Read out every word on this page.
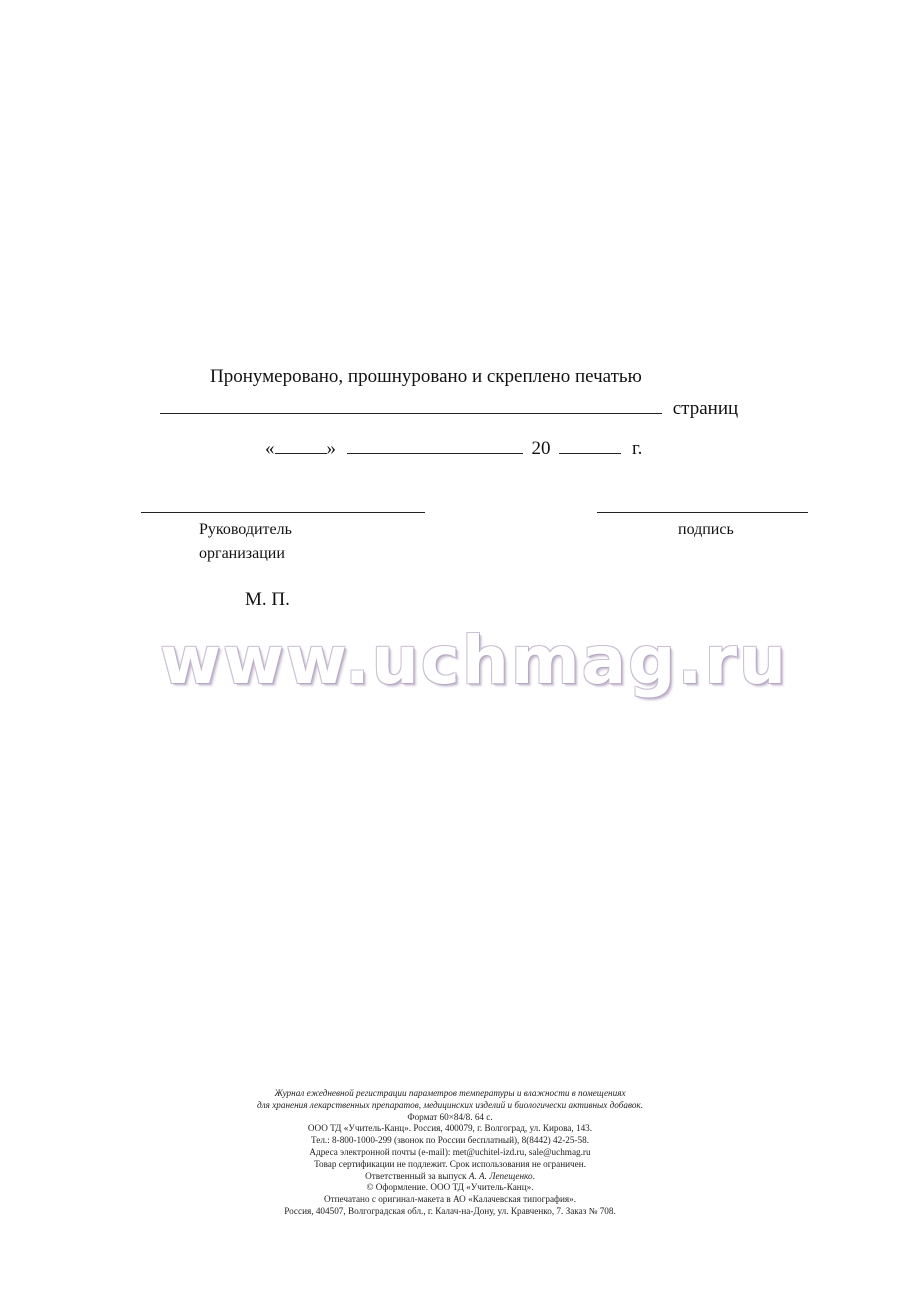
Пронумеровано, прошнуровано и скреплено печатью
страниц
«	»	20	г.
Руководитель
организации
подпись
М. П.
www.uchmag.ru
Журнал ежедневной регистрации параметров температуры и влажности в помещениях
для хранения лекарственных препаратов, медицинских изделий и биологически активных добавок.
Формат 60×84/8. 64 с.
ООО ТД «Учитель-Канц». Россия, 400079, г. Волгоград, ул. Кирова, 143.
Тел.: 8-800-1000-299 (звонок по России бесплатный), 8(8442) 42-25-58.
Адреса электронной почты (e-mail): met@uchitel-izd.ru, sale@uchmag.ru
Товар сертификации не подлежит. Срок использования не ограничен.
Ответственный за выпуск А. А. Лепещенко.
© Оформление. ООО ТД «Учитель-Канц».
Отпечатано с оригинал-макета в АО «Калачевская типография».
Россия, 404507, Волгоградская обл., г. Калач-на-Дону, ул. Кравченко, 7. Заказ № 708.
